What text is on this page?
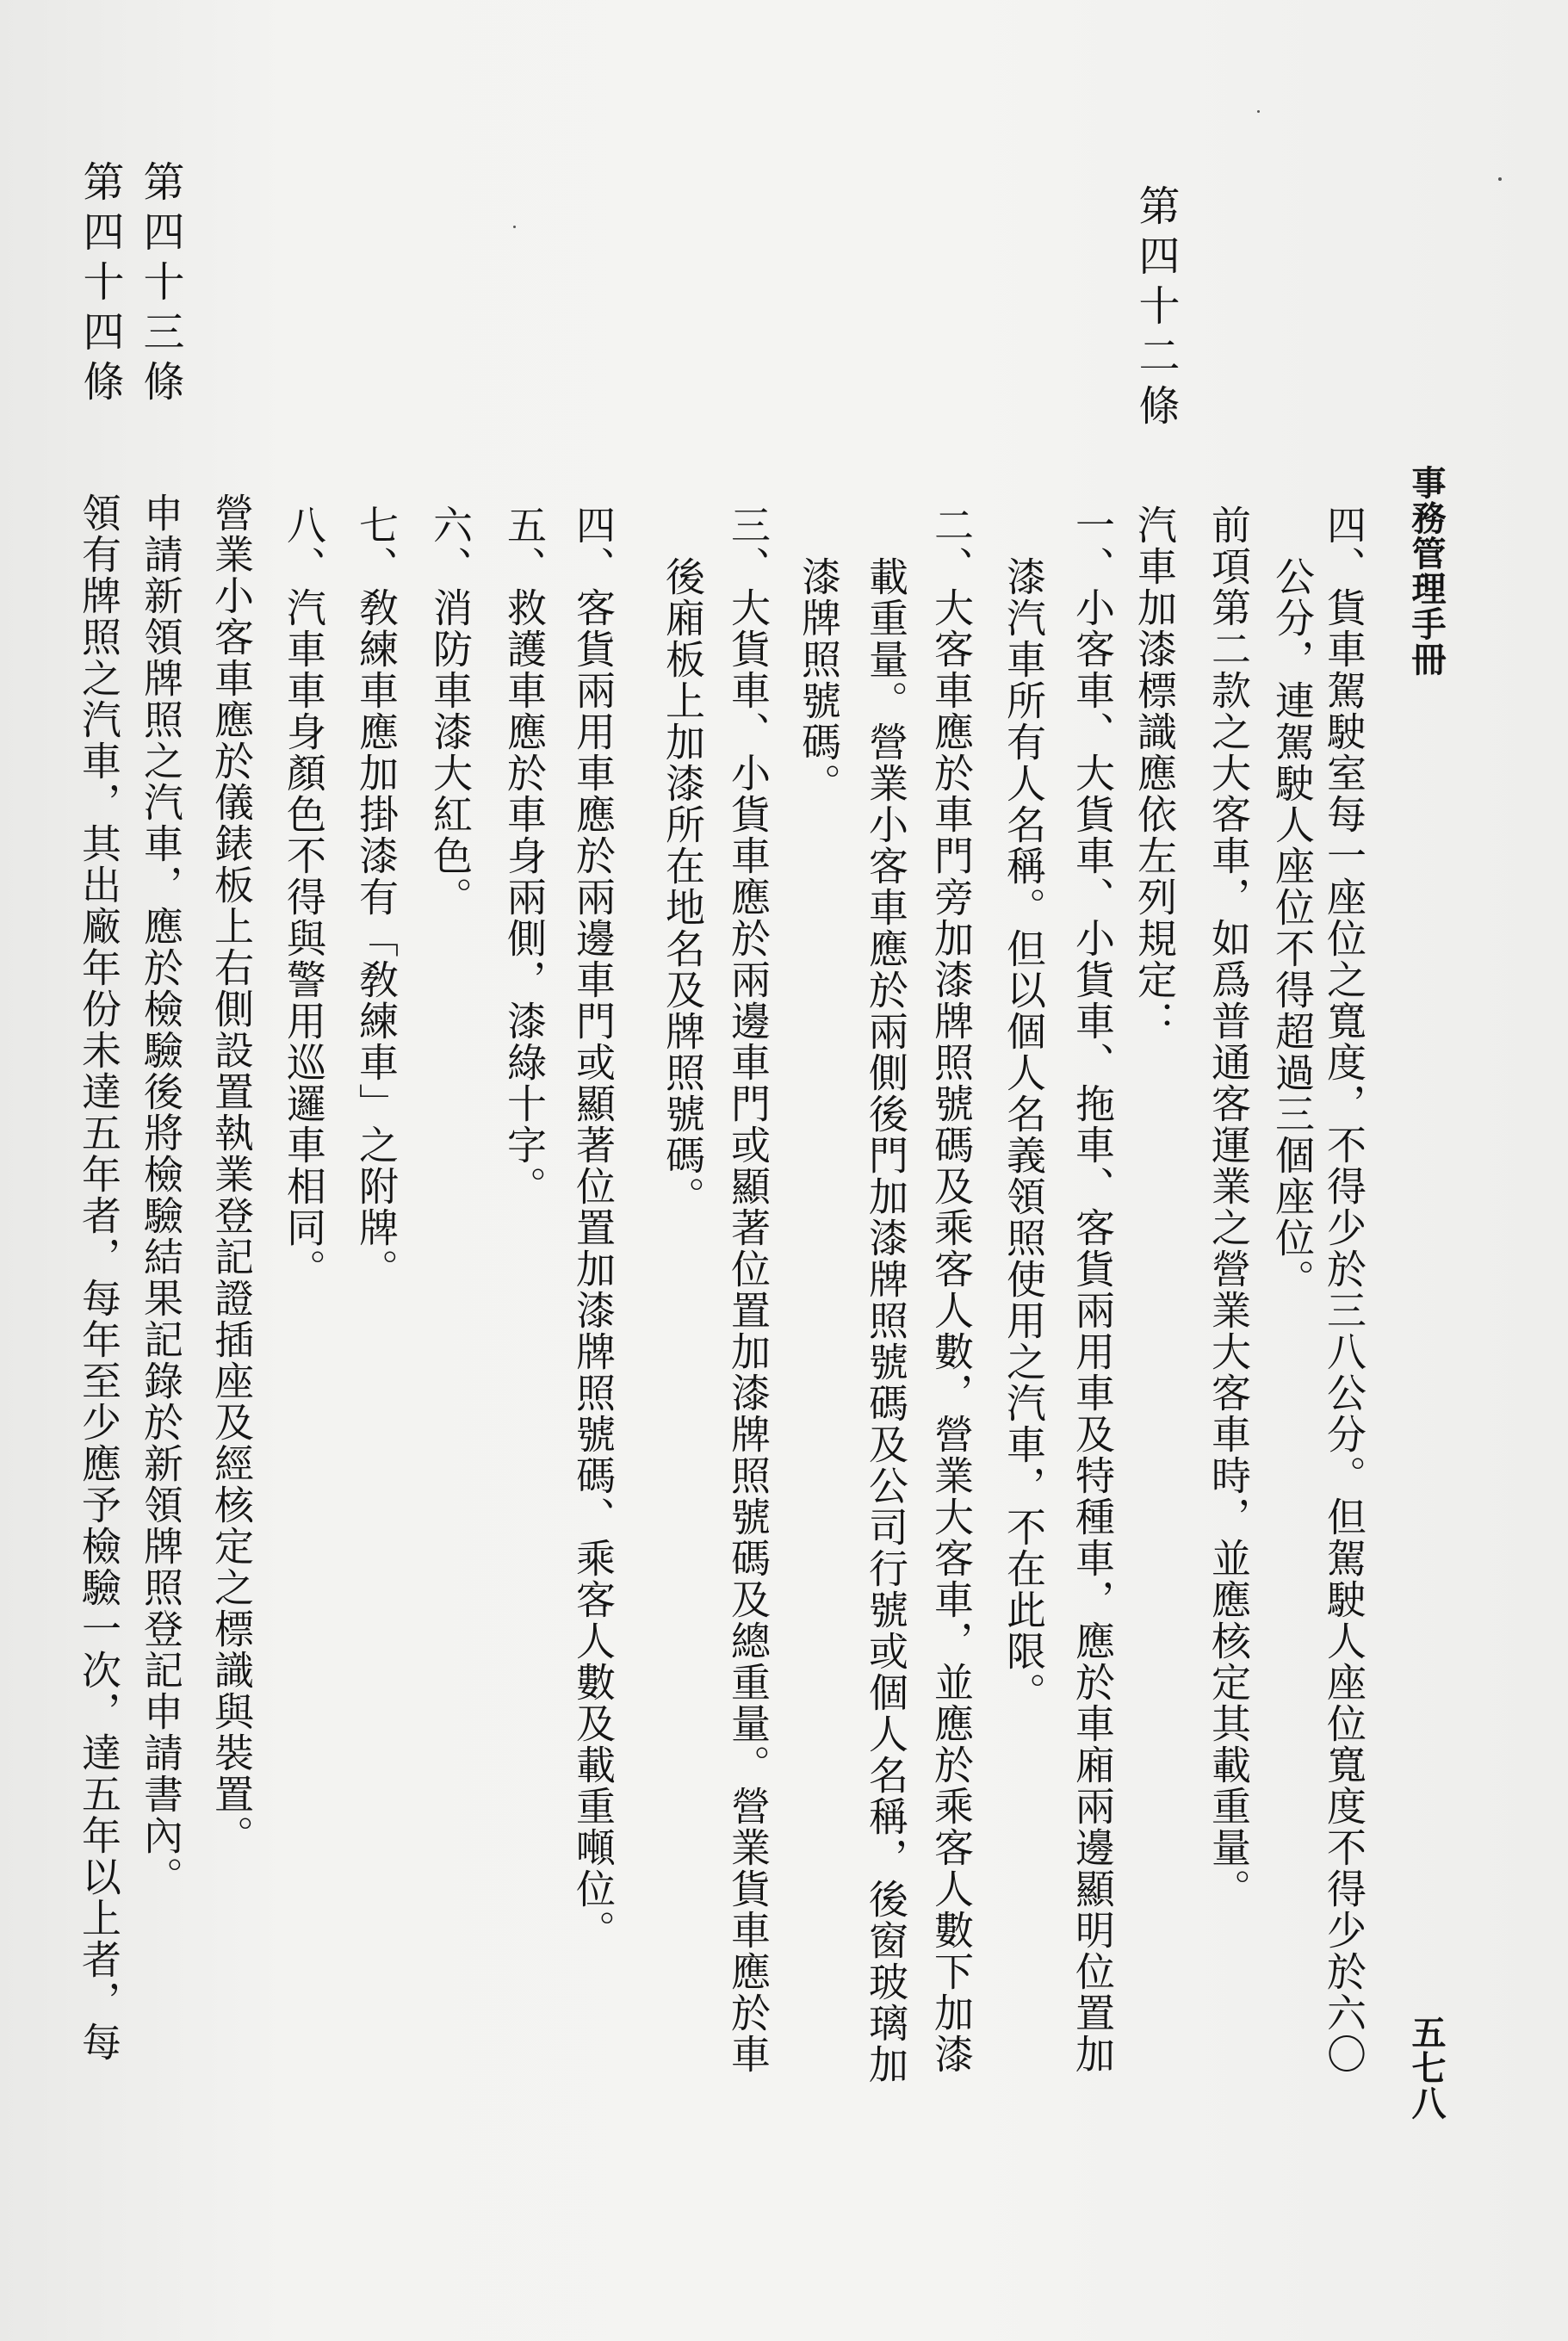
事務管理手冊
五七八
四、貨車駕駛室每一座位之寬度，不得少於三八公分。但駕駛人座位寬度不得少於六〇
公分，連駕駛人座位不得超過三個座位。
前項第二款之大客車，如爲普通客運業之營業大客車時，並應核定其載重量。
第四十二條
汽車加漆標識應依左列規定：
一、小客車、大貨車、小貨車、拖車、客貨兩用車及特種車，應於車廂兩邊顯明位置加
漆汽車所有人名稱。但以個人名義領照使用之汽車，不在此限。
二、大客車應於車門旁加漆牌照號碼及乘客人數，營業大客車，並應於乘客人數下加漆
載重量。營業小客車應於兩側後門加漆牌照號碼及公司行號或個人名稱，後窗玻璃加
漆牌照號碼。
三、大貨車、小貨車應於兩邊車門或顯著位置加漆牌照號碼及總重量。營業貨車應於車
後廂板上加漆所在地名及牌照號碼。
四、客貨兩用車應於兩邊車門或顯著位置加漆牌照號碼、乘客人數及載重噸位。
五、救護車應於車身兩側，漆綠十字。
六、消防車漆大紅色。
七、敎練車應加掛漆有「敎練車」之附牌。
八、汽車車身顏色不得與警用巡邏車相同。
第四十三條
營業小客車應於儀錶板上右側設置執業登記證插座及經核定之標識與裝置。
申請新領牌照之汽車，應於檢驗後將檢驗結果記錄於新領牌照登記申請書內。
第四十四條
領有牌照之汽車，其出廠年份未達五年者，每年至少應予檢驗一次，達五年以上者，每
